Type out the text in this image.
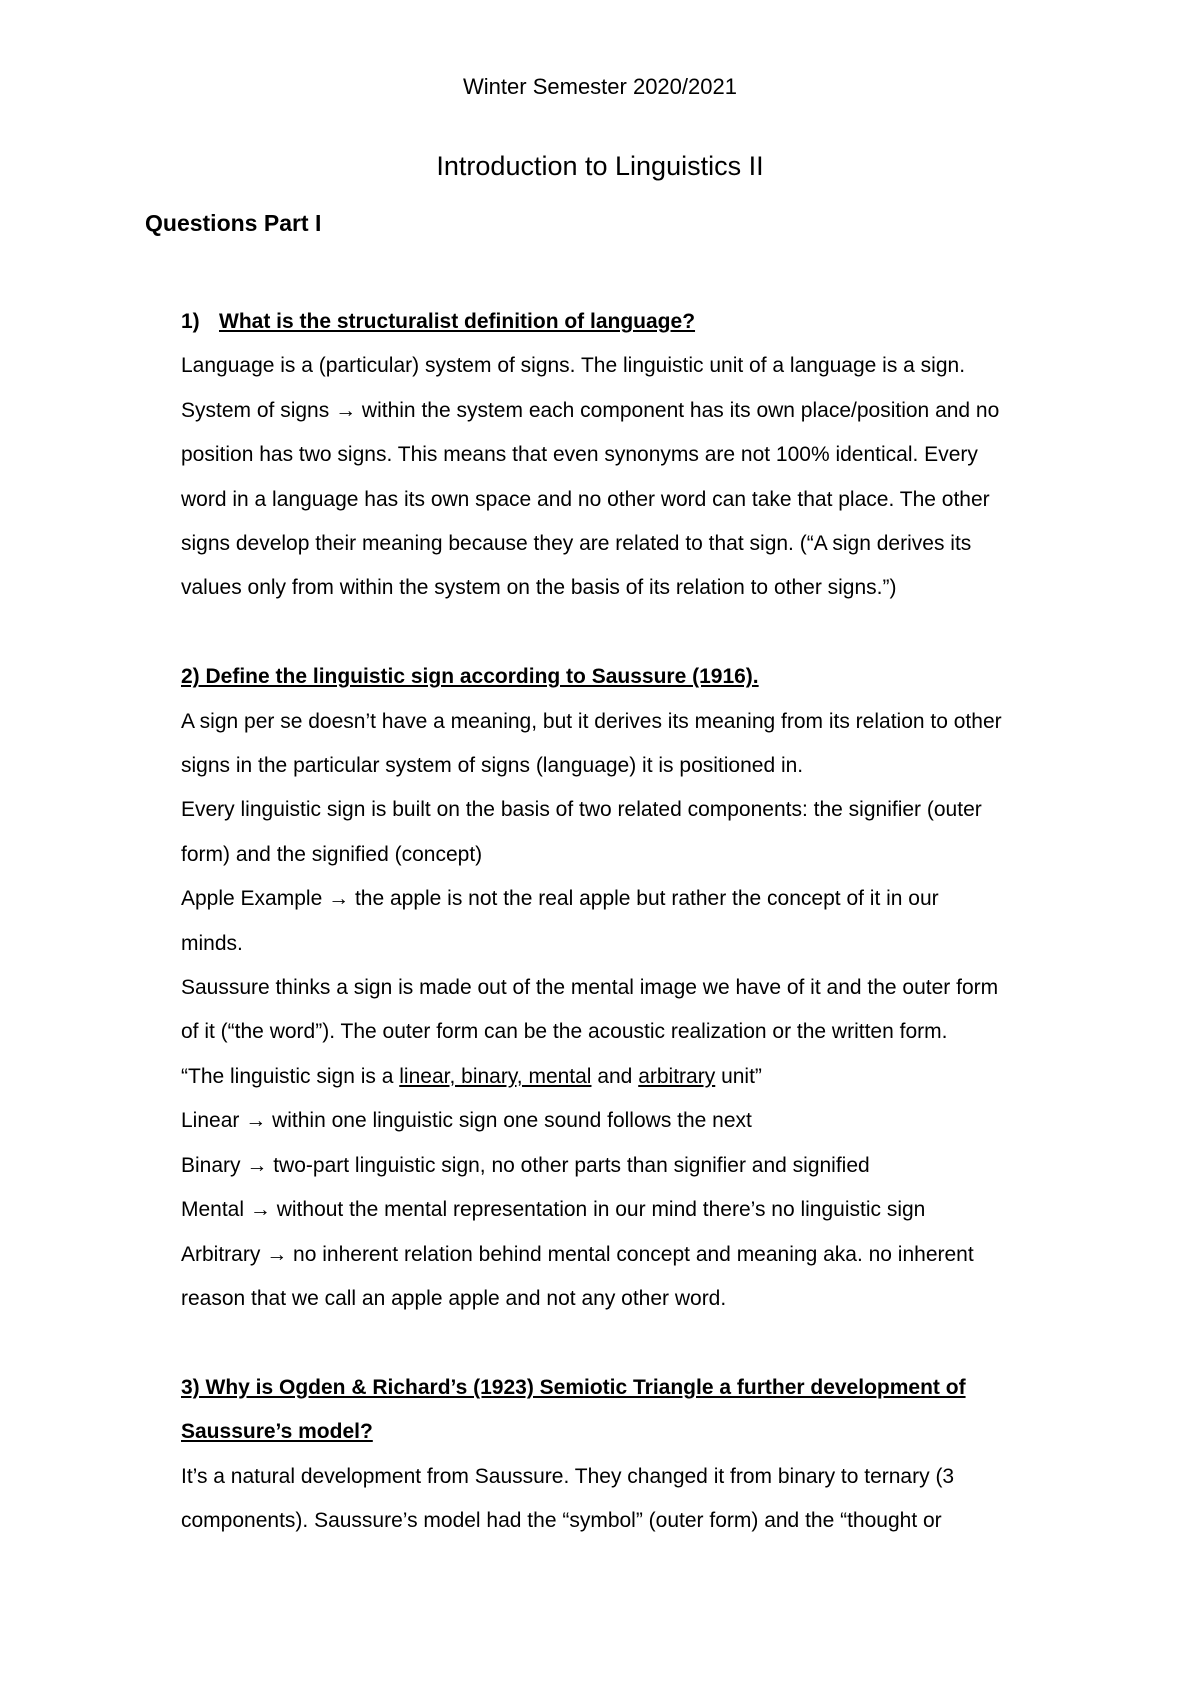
Winter Semester 2020/2021
Introduction to Linguistics II
Questions Part I

1) What is the structuralist definition of language?

Language is a (particular) system of signs. The linguistic unit of a language is a sign.

System of signs → within the system each component has its own place/position and no

position has two signs. This means that even synonyms are not 100% identical. Every

word in a language has its own space and no other word can take that place. The other

signs develop their meaning because they are related to that sign. (“A sign derives its

values only from within the system on the basis of its relation to other signs.”)

2) Define the linguistic sign according to Saussure (1916).

A sign per se doesn’t have a meaning, but it derives its meaning from its relation to other

signs in the particular system of signs (language) it is positioned in.

Every linguistic sign is built on the basis of two related components: the signifier (outer

form) and the signified (concept)

Apple Example → the apple is not the real apple but rather the concept of it in our

minds.

Saussure thinks a sign is made out of the mental image we have of it and the outer form

of it (“the word”). The outer form can be the acoustic realization or the written form.

“The linguistic sign is a linear, binary, mental and arbitrary unit”

Linear → within one linguistic sign one sound follows the next

Binary → two-part linguistic sign, no other parts than signifier and signified

Mental → without the mental representation in our mind there’s no linguistic sign

Arbitrary → no inherent relation behind mental concept and meaning aka. no inherent

reason that we call an apple apple and not any other word.

3) Why is Ogden & Richard’s (1923) Semiotic Triangle a further development of

Saussure’s model?

It’s a natural development from Saussure. They changed it from binary to ternary (3

components). Saussure’s model had the “symbol” (outer form) and the “thought or
